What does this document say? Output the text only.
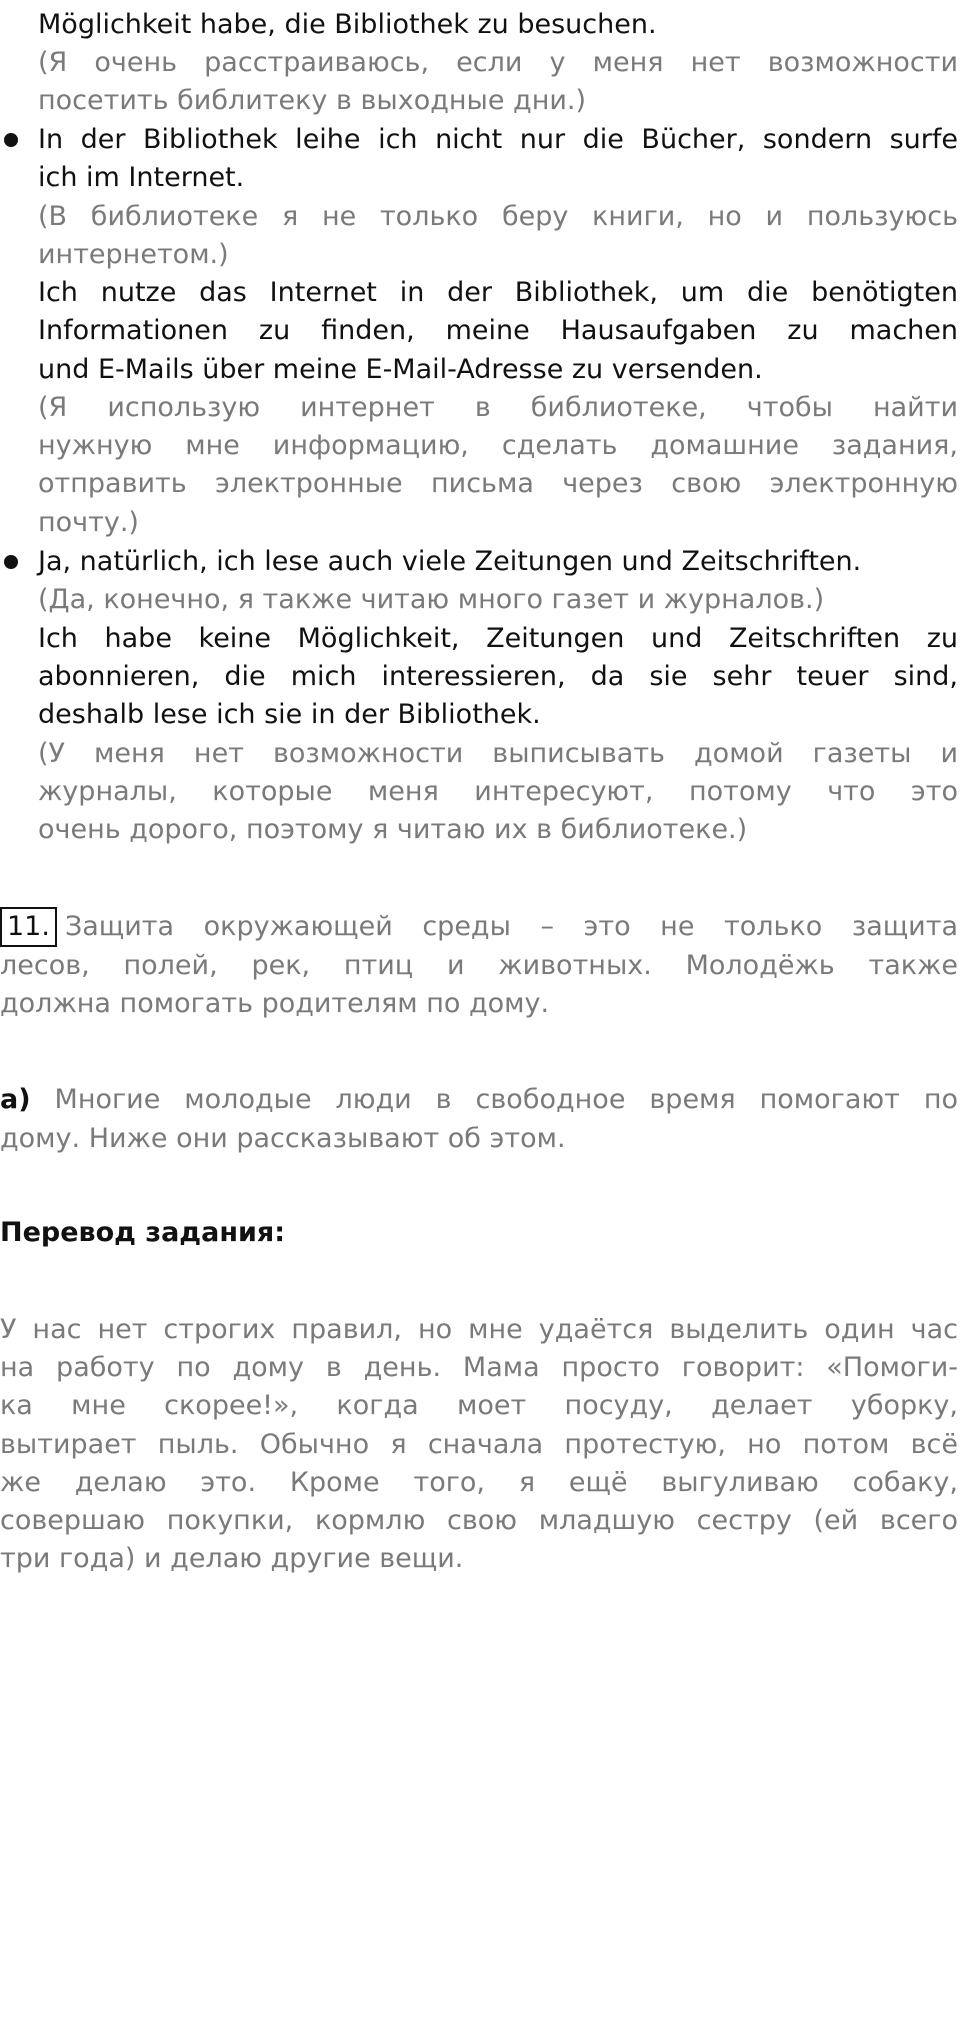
Möglichkeit habe, die Bibliothek zu besuchen.
(Я очень расстраиваюсь, если у меня нет возможности
посетить библитеку в выходные дни.)
In der Bibliothek leihe ich nicht nur die Bücher, sondern surfe
ich im Internet.
(В библиотеке я не только беру книги, но и пользуюсь
интернетом.)
Ich nutze das Internet in der Bibliothek, um die benötigten
Informationen zu finden, meine Hausaufgaben zu machen
und E-Mails über meine E-Mail-Adresse zu versenden.
(Я использую интернет в библиотеке, чтобы найти
нужную мне информацию, сделать домашние задания,
отправить электронные письма через свою электронную
почту.)
Ja, natürlich, ich lese auch viele Zeitungen und Zeitschriften.
(Да, конечно, я также читаю много газет и журналов.)
Ich habe keine Möglichkeit, Zeitungen und Zeitschriften zu
abonnieren, die mich interessieren, da sie sehr teuer sind,
deshalb lese ich sie in der Bibliothek.
(У меня нет возможности выписывать домой газеты и
журналы, которые меня интересуют, потому что это
очень дорого, поэтому я читаю их в библиотеке.)
11. Защита окружающей среды – это не только защита
лесов, полей, рек, птиц и животных. Молодёжь также
должна помогать родителям по дому.
а) Многие молодые люди в свободное время помогают по
дому. Ниже они рассказывают об этом.
Перевод задания:
У нас нет строгих правил, но мне удаётся выделить один час
на работу по дому в день. Мама просто говорит: «Помоги-
ка мне скорее!», когда моет посуду, делает уборку,
вытирает пыль. Обычно я сначала протестую, но потом всё
же делаю это. Кроме того, я ещё выгуливаю собаку,
совершаю покупки, кормлю свою младшую сестру (ей всего
три года) и делаю другие вещи.
